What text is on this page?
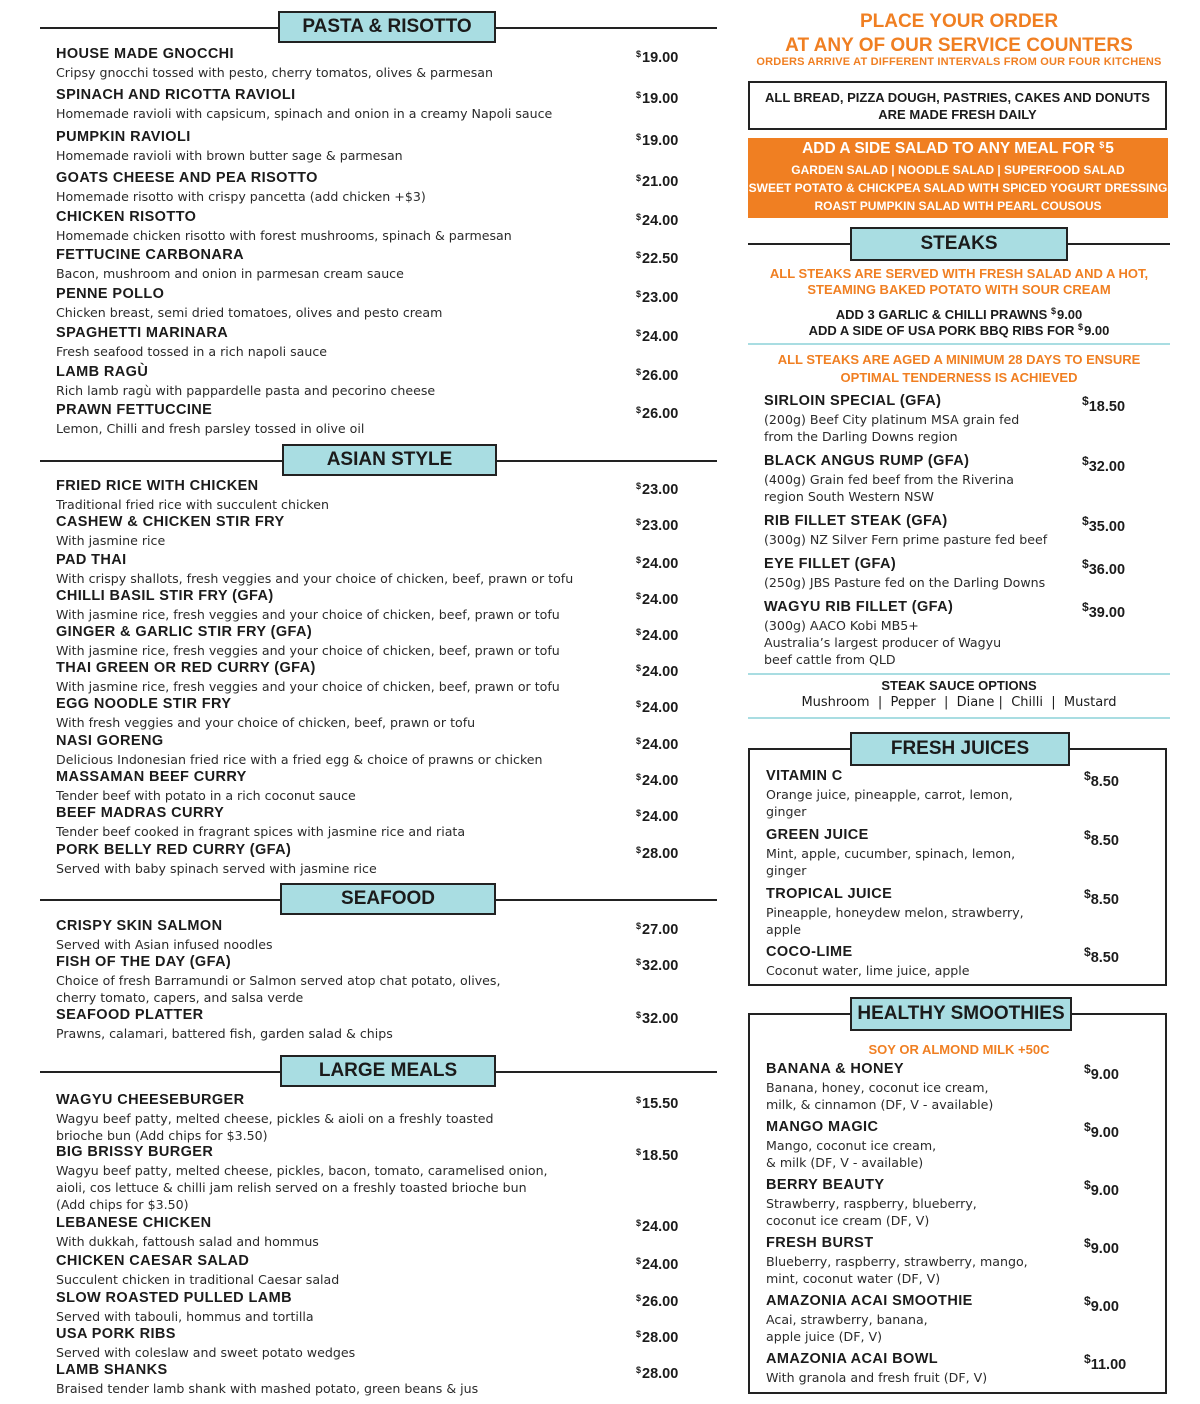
PASTA & RISOTTO
HOUSE MADE GNOCCHI
Cripsy gnocchi tossed with pesto, cherry tomatos, olives & parmesan
$19.00
SPINACH AND RICOTTA RAVIOLI
Homemade ravioli with capsicum, spinach and onion in a creamy Napoli sauce
$19.00
PUMPKIN RAVIOLI
Homemade ravioli with brown butter sage & parmesan
$19.00
GOATS CHEESE AND PEA RISOTTO
Homemade risotto with crispy pancetta (add chicken +$3)
$21.00
CHICKEN RISOTTO
Homemade chicken risotto with forest mushrooms, spinach & parmesan
$24.00
FETTUCINE CARBONARA
Bacon, mushroom and onion in parmesan cream sauce
$22.50
PENNE POLLO
Chicken breast, semi dried tomatoes, olives and pesto cream
$23.00
SPAGHETTI MARINARA
Fresh seafood tossed in a rich napoli sauce
$24.00
LAMB RAGÙ
Rich lamb ragù with pappardelle pasta and pecorino cheese
$26.00
PRAWN FETTUCCINE
Lemon, Chilli and fresh parsley tossed in olive oil
$26.00
ASIAN STYLE
FRIED RICE WITH CHICKEN
Traditional fried rice with succulent chicken
$23.00
CASHEW & CHICKEN STIR FRY
With jasmine rice
$23.00
PAD THAI
With crispy shallots, fresh veggies and your choice of chicken, beef, prawn or tofu
$24.00
CHILLI BASIL STIR FRY (GFA)
With jasmine rice, fresh veggies and your choice of chicken, beef, prawn or tofu
$24.00
GINGER & GARLIC STIR FRY (GFA)
With jasmine rice, fresh veggies and your choice of chicken, beef, prawn or tofu
$24.00
THAI GREEN OR RED CURRY (GFA)
With jasmine rice, fresh veggies and your choice of chicken, beef, prawn or tofu
$24.00
EGG NOODLE STIR FRY
With fresh veggies and your choice of chicken, beef, prawn or tofu
$24.00
NASI GORENG
Delicious Indonesian fried rice with a fried egg & choice of prawns or chicken
$24.00
MASSAMAN BEEF CURRY
Tender beef with potato in a rich coconut sauce
$24.00
BEEF MADRAS CURRY
Tender beef cooked in fragrant spices with jasmine rice and riata
$24.00
PORK BELLY RED CURRY (GFA)
Served with baby spinach served with jasmine rice
$28.00
SEAFOOD
CRISPY SKIN SALMON
Served with Asian infused noodles
$27.00
FISH OF THE DAY (GFA)
Choice of fresh Barramundi or Salmon served atop chat potato, olives,
cherry tomato, capers, and salsa verde
$32.00
SEAFOOD PLATTER
Prawns, calamari, battered fish, garden salad & chips
$32.00
LARGE MEALS
WAGYU CHEESEBURGER
Wagyu beef patty, melted cheese, pickles & aioli on a freshly toasted
brioche bun (Add chips for $3.50)
$15.50
BIG BRISSY BURGER
Wagyu beef patty, melted cheese, pickles, bacon, tomato, caramelised onion,
aioli, cos lettuce & chilli jam relish served on a freshly toasted brioche bun
(Add chips for $3.50)
$18.50
LEBANESE CHICKEN
With dukkah, fattoush salad and hommus
$24.00
CHICKEN CAESAR SALAD
Succulent chicken in traditional Caesar salad
$24.00
SLOW ROASTED PULLED LAMB
Served with tabouli, hommus and tortilla
$26.00
USA PORK RIBS
Served with coleslaw and sweet potato wedges
$28.00
LAMB SHANKS
Braised tender lamb shank with mashed potato, green beans & jus
$28.00
PLACE YOUR ORDER
AT ANY OF OUR SERVICE COUNTERS
ORDERS ARRIVE AT DIFFERENT INTERVALS FROM OUR FOUR KITCHENS
ALL BREAD, PIZZA DOUGH, PASTRIES, CAKES AND DONUTS
ARE MADE FRESH DAILY
ADD A SIDE SALAD TO ANY MEAL FOR $5
GARDEN SALAD | NOODLE SALAD | SUPERFOOD SALAD
SWEET POTATO & CHICKPEA SALAD WITH SPICED YOGURT DRESSING
ROAST PUMPKIN SALAD WITH PEARL COUSOUS
STEAKS
ALL STEAKS ARE SERVED WITH FRESH SALAD AND A HOT,
STEAMING BAKED POTATO WITH SOUR CREAM
ADD 3 GARLIC & CHILLI PRAWNS $9.00
ADD A SIDE OF USA PORK BBQ RIBS FOR $9.00
ALL STEAKS ARE AGED A MINIMUM 28 DAYS TO ENSURE
OPTIMAL TENDERNESS IS ACHIEVED
SIRLOIN SPECIAL (GFA)
(200g) Beef City platinum MSA grain fed
from the Darling Downs region
$18.50
BLACK ANGUS RUMP (GFA)
(400g) Grain fed beef from the Riverina
region South Western NSW
$32.00
RIB FILLET STEAK (GFA)
(300g) NZ Silver Fern prime pasture fed beef
$35.00
EYE FILLET (GFA)
(250g) JBS Pasture fed on the Darling Downs
$36.00
WAGYU RIB FILLET (GFA)
(300g) AACO Kobi MB5+
Australia’s largest producer of Wagyu
beef cattle from QLD
$39.00
STEAK SAUCE OPTIONS
Mushroom  |  Pepper  |  Diane |  Chilli  |  Mustard
FRESH JUICES
VITAMIN C
Orange juice, pineapple, carrot, lemon,
ginger
$8.50
GREEN JUICE
Mint, apple, cucumber, spinach, lemon,
ginger
$8.50
TROPICAL JUICE
Pineapple, honeydew melon, strawberry,
apple
$8.50
COCO-LIME
Coconut water, lime juice, apple
$8.50
HEALTHY SMOOTHIES
SOY OR ALMOND MILK +50C
BANANA & HONEY
Banana, honey, coconut ice cream,
milk, & cinnamon (DF, V - available)
$9.00
MANGO MAGIC
Mango, coconut ice cream,
& milk (DF, V - available)
$9.00
BERRY BEAUTY
Strawberry, raspberry, blueberry,
coconut ice cream (DF, V)
$9.00
FRESH BURST
Blueberry, raspberry, strawberry, mango,
mint, coconut water (DF, V)
$9.00
AMAZONIA ACAI SMOOTHIE
Acai, strawberry, banana,
apple juice (DF, V)
$9.00
AMAZONIA ACAI BOWL
With granola and fresh fruit (DF, V)
$11.00
